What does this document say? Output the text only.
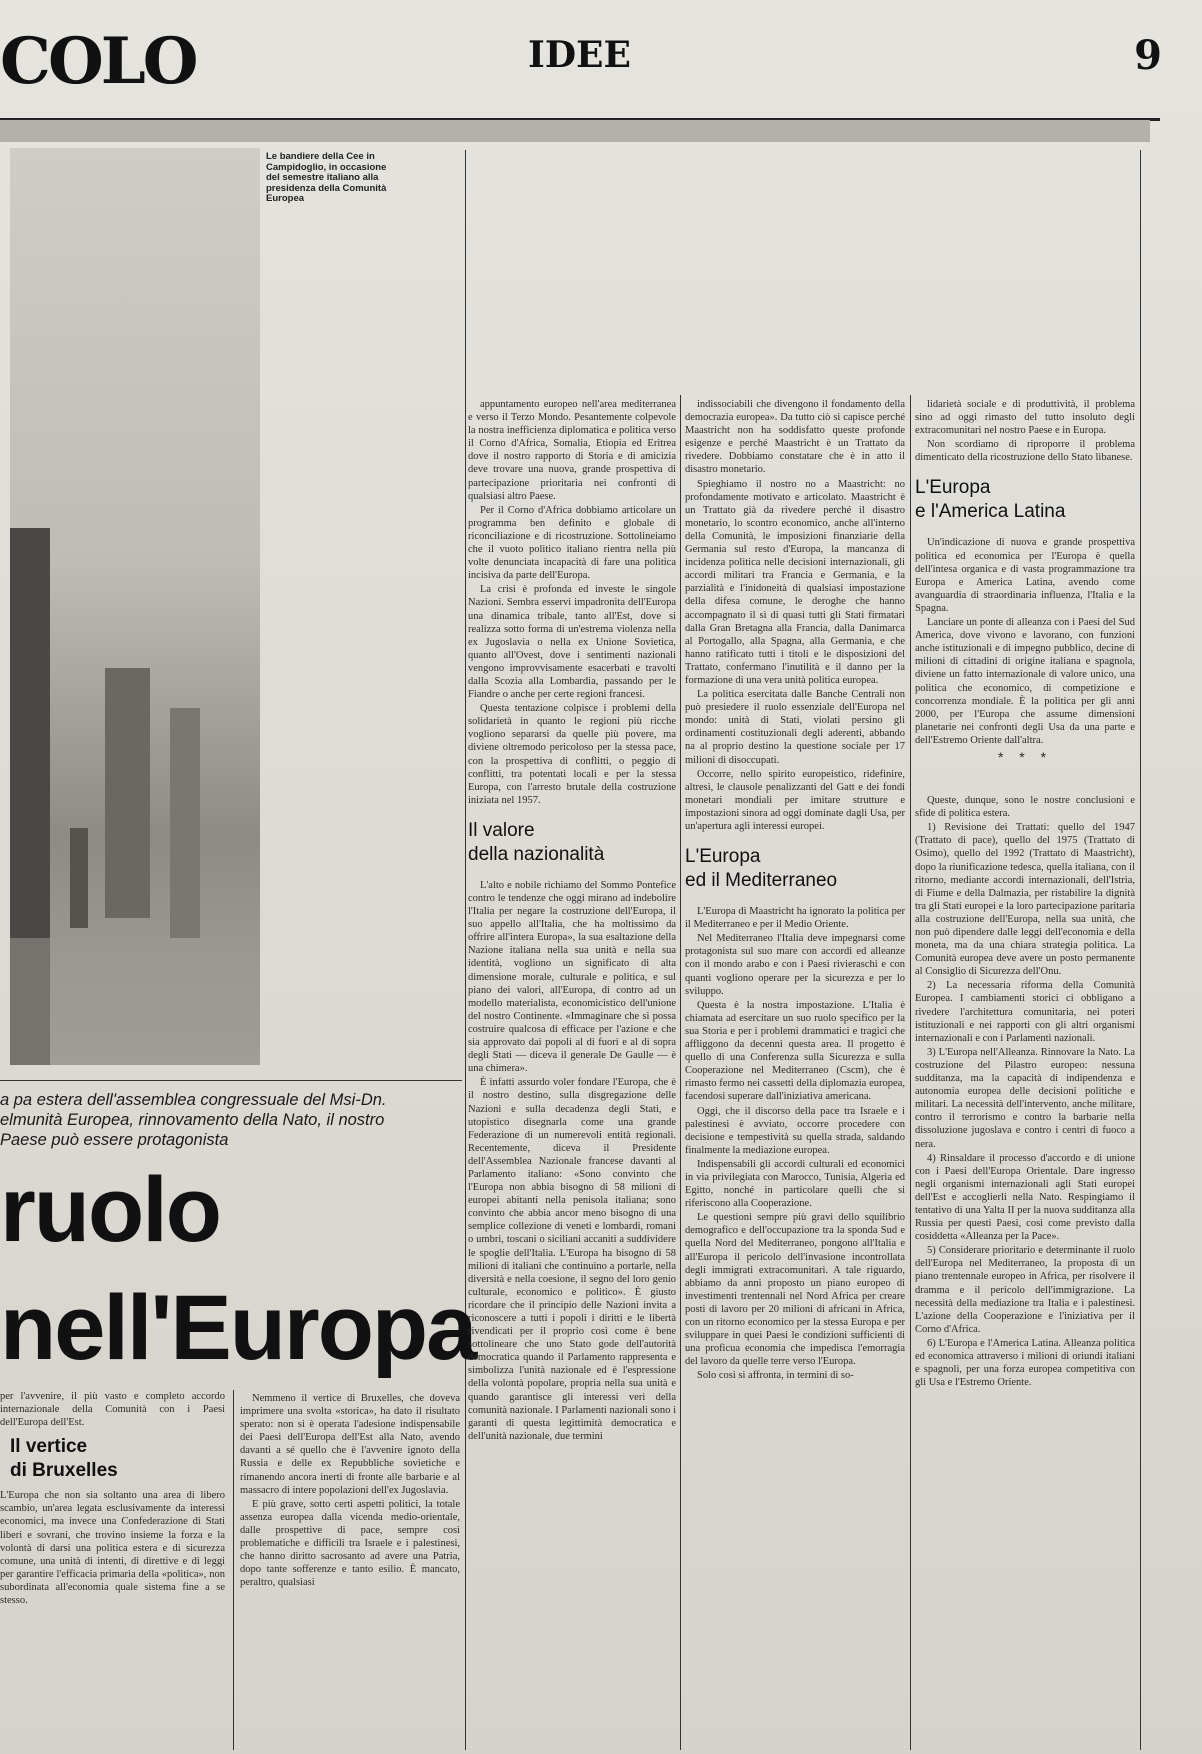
COLO	IDEE	9
Le bandiere della Cee in Campidoglio, in occasione del semestre italiano alla presidenza della Comunità Europea
a pa estera dell'assemblea congressuale del Msi-Dn. elmunità Europea, rinnovamento della Nato, il nostro Paese può essere protagonista
ruolo
nell'Europa

per l'avvenire, il più vasto e completo accordo internazionale della Comunità con i Paesi dell'Europa dell'Est.

Il vertice
di Bruxelles

L'Europa che non sia soltanto una area di libero scambio, un'area legata esclusivamente da interessi economici, ma invece una Confederazione di Stati liberi e sovrani, che trovino insieme la forza e la volontà di darsi una politica estera e di sicurezza comune, una unità di intenti, di direttive e di leggi per garantire l'efficacia primaria della «politica», non subordinata all'economia quale sistema fine a se stesso.

Nemmeno il vertice di Bruxelles, che doveva imprimere una svolta «storica», ha dato il risultato sperato: non si è operata l'adesione indispensabile dei Paesi dell'Europa dell'Est alla Nato, avendo davanti a sé quello che è l'avvenire ignoto della Russia e delle ex Repubbliche sovietiche e rimanendo ancora inerti di fronte alle barbarie e al massacro di intere popolazioni dell'ex Jugoslavia.

E più grave, sotto certi aspetti politici, la totale assenza europea dalla vicenda medio-orientale, dalle prospettive di pace, sempre così problematiche e difficili tra Israele e i palestinesi, che hanno diritto sacrosanto ad avere una Patria, dopo tante sofferenze e tanto esilio. È mancato, peraltro, qualsiasi

appuntamento europeo nell'area mediterranea e verso il Terzo Mondo. Pesantemente colpevole la nostra inefficienza diplomatica e politica verso il Corno d'Africa, Somalia, Etiopia ed Eritrea dove il nostro rapporto di Storia e di amicizia deve trovare una nuova, grande prospettiva di partecipazione prioritaria nei confronti di qualsiasi altro Paese.

Per il Corno d'Africa dobbiamo articolare un programma ben definito e globale di riconciliazione e di ricostruzione. Sottolineiamo che il vuoto politico italiano rientra nella più volte denunciata incapacità di fare una politica incisiva da parte dell'Europa.

La crisi è profonda ed investe le singole Nazioni. Sembra esservi impadronita dell'Europa una dinamica tribale, tanto all'Est, dove si realizza sotto forma di un'estrema violenza nella ex Jugoslavia o nella ex Unione Sovietica, quanto all'Ovest, dove i sentimenti nazionali vengono improvvisamente esacerbati e travolti dalla Scozia alla Lombardia, passando per le Fiandre o anche per certe regioni francesi.

Questa tentazione colpisce i problemi della solidarietà in quanto le regioni più ricche vogliono separarsi da quelle più povere, ma diviene oltremodo pericoloso per la stessa pace, con la prospettiva di conflitti, o peggio di conflitti, tra potentati locali e per la stessa Europa, con l'arresto brutale della costruzione iniziata nel 1957.

Il valore
della nazionalità

L'alto e nobile richiamo del Sommo Pontefice contro le tendenze che oggi mirano ad indebolire l'Italia per negare la costruzione dell'Europa, il suo appello all'Italia, che ha moltissimo da offrire all'intera Europa», la sua esaltazione della Nazione italiana nella sua unità e nella sua identità, vogliono un significato di alta dimensione morale, culturale e politica, e sul piano dei valori, all'Europa, di contro ad un modello materialista, economicistico dell'unione del nostro Continente. «Immaginare che si possa costruire qualcosa di efficace per l'azione e che sia approvato dai popoli al di fuori e al di sopra degli Stati — diceva il generale De Gaulle — è una chimera».

È infatti assurdo voler fondare l'Europa, che è il nostro destino, sulla disgregazione delle Nazioni e sulla decadenza degli Stati, e utopistico disegnarla come una grande Federazione di un numerevoli entità regionali. Recentemente, diceva il Presidente dell'Assemblea Nazionale francese davanti al Parlamento italiano: «Sono convinto che l'Europa non abbia bisogno di 58 milioni di europei abitanti nella penisola italiana; sono convinto che abbia ancor meno bisogno di una semplice collezione di veneti e lombardi, romani o umbri, toscani o siciliani accaniti a suddividere le spoglie dell'Italia. L'Europa ha bisogno di 58 milioni di italiani che continuino a portarle, nella diversità e nella coesione, il segno del loro genio culturale, economico e politico». È giusto ricordare che il principio delle Nazioni invita a riconoscere a tutti i popoli i diritti e le libertà rivendicati per il proprio così come è bene sottolineare che uno Stato gode dell'autorità democratica quando il Parlamento rappresenta e simbolizza l'unità nazionale ed è l'espressione della volontà popolare, propria nella sua unità e quando garantisce gli interessi veri della comunità nazionale. I Parlamenti nazionali sono i garanti di questa legittimità democratica e dell'unità nazionale, due termini

indissociabili che divengono il fondamento della democrazia europea». Da tutto ciò si capisce perché Maastricht non ha soddisfatto queste profonde esigenze e perché Maastricht è un Trattato da rivedere. Dobbiamo constatare che è in atto il disastro monetario.

Spieghiamo il nostro no a Maastricht: no profondamente motivato e articolato. Maastricht è un Trattato già da rivedere perché il disastro monetario, lo scontro economico, anche all'interno della Comunità, le imposizioni finanziarie della Germania sul resto d'Europa, la mancanza di incidenza politica nelle decisioni internazionali, gli accordi militari tra Francia e Germania, e la parzialità e l'inidoneità di qualsiasi impostazione della difesa comune, le deroghe che hanno accompagnato il sì di quasi tutti gli Stati firmatari dalla Gran Bretagna alla Francia, dalla Danimarca al Portogallo, alla Spagna, alla Germania, e che hanno ratificato tutti i titoli e le disposizioni del Trattato, confermano l'inutilità e il danno per la formazione di una vera unità politica europea.

La politica esercitata dalle Banche Centrali non può presiedere il ruolo essenziale dell'Europa nel mondo: unità di Stati, violati persino gli ordinamenti costituzionali degli aderenti, abbando na al proprio destino la questione sociale per 17 milioni di disoccupati.

Occorre, nello spirito europeistico, ridefinire, altresì, le clausole penalizzanti del Gatt e dei fondi monetari mondiali per imitare strutture e impostazioni sinora ad oggi dominate dagli Usa, per un'apertura agli interessi europei.

L'Europa
ed il Mediterraneo

L'Europa di Maastricht ha ignorato la politica per il Mediterraneo e per il Medio Oriente.

Nel Mediterraneo l'Italia deve impegnarsi come protagonista sul suo mare con accordi ed alleanze con il mondo arabo e con i Paesi rivieraschi e con quanti vogliono operare per la sicurezza e per lo sviluppo.

Questa è la nostra impostazione. L'Italia è chiamata ad esercitare un suo ruolo specifico per la sua Storia e per i problemi drammatici e tragici che affliggono da decenni questa area. Il progetto è quello di una Conferenza sulla Sicurezza e sulla Cooperazione nel Mediterraneo (Cscm), che è rimasto fermo nei cassetti della diplomazia europea, facendosi superare dall'iniziativa americana.

Oggi, che il discorso della pace tra Israele e i palestinesi è avviato, occorre procedere con decisione e tempestività su quella strada, saldando finalmente la mediazione europea.

Indispensabili gli accordi culturali ed economici in via privilegiata con Marocco, Tunisia, Algeria ed Egitto, nonché in particolare quelli che si riferiscono alla Cooperazione.

Le questioni sempre più gravi dello squilibrio demografico e dell'occupazione tra la sponda Sud e quella Nord del Mediterraneo, pongono all'Italia e all'Europa il pericolo dell'invasione incontrollata degli immigrati extracomunitari. A tale riguardo, abbiamo da anni proposto un piano europeo di investimenti trentennali nel Nord Africa per creare posti di lavoro per 20 milioni di africani in Africa, con un ritorno economico per la stessa Europa e per sviluppare in quei Paesi le condizioni sufficienti di una proficua economia che impedisca l'emorragia del lavoro da quelle terre verso l'Europa.

Solo così si affronta, in termini di so-

lidarietà sociale e di produttività, il problema sino ad oggi rimasto del tutto insoluto degli extracomunitari nel nostro Paese e in Europa.

Non scordiamo di riproporre il problema dimenticato della ricostruzione dello Stato libanese.

L'Europa
e l'America Latina

Un'indicazione di nuova e grande prospettiva politica ed economica per l'Europa è quella dell'intesa organica e di vasta programmazione tra Europa e America Latina, avendo come avanguardia di straordinaria influenza, l'Italia e la Spagna.

Lanciare un ponte di alleanza con i Paesi del Sud America, dove vivono e lavorano, con funzioni anche istituzionali e di impegno pubblico, decine di milioni di cittadini di origine italiana e spagnola, diviene un fatto internazionale di valore unico, una politica che economico, di competizione e concorrenza mondiale. È la politica per gli anni 2000, per l'Europa che assume dimensioni planetarie nei confronti degli Usa da una parte e dell'Estremo Oriente dall'altra.

* * *

Queste, dunque, sono le nostre conclusioni e sfide di politica estera.

1) Revisione dei Trattati: quello del 1947 (Trattato di pace), quello del 1975 (Trattato di Osimo), quello del 1992 (Trattato di Maastricht), dopo la riunificazione tedesca, quella italiana, con il ritorno, mediante accordi internazionali, dell'Istria, di Fiume e della Dalmazia, per ristabilire la dignità tra gli Stati europei e la loro partecipazione paritaria alla costruzione dell'Europa, nella sua unità, che non può dipendere dalle leggi dell'economia e della moneta, ma da una chiara strategia politica. La Comunità europea deve avere un posto permanente al Consiglio di Sicurezza dell'Onu.

2) La necessaria riforma della Comunità Europea. I cambiamenti storici ci obbligano a rivedere l'architettura comunitaria, nei poteri istituzionali e nei rapporti con gli altri organismi internazionali e con i Parlamenti nazionali.

3) L'Europa nell'Alleanza. Rinnovare la Nato. La costruzione del Pilastro europeo: nessuna sudditanza, ma la capacità di indipendenza e autonomia europea delle decisioni politiche e militari. La necessità dell'intervento, anche militare, contro il terrorismo e contro la barbarie nella dissoluzione jugoslava e contro i centri di fuoco a nera.

4) Rinsaldare il processo d'accordo e di unione con i Paesi dell'Europa Orientale. Dare ingresso negli organismi internazionali agli Stati europei dell'Est e accoglierli nella Nato. Respingiamo il tentativo di una Yalta II per la nuova sudditanza alla Russia per questi Paesi, così come previsto dalla cosiddetta «Alleanza per la Pace».

5) Considerare prioritario e determinante il ruolo dell'Europa nel Mediterraneo, la proposta di un piano trentennale europeo in Africa, per risolvere il dramma e il pericolo dell'immigrazione. La necessità della mediazione tra Italia e i palestinesi. L'azione della Cooperazione e l'iniziativa per il Corno d'Africa.

6) L'Europa e l'America Latina. Alleanza politica ed economica attraverso i milioni di oriundi italiani e spagnoli, per una forza europea competitiva con gli Usa e l'Estremo Oriente.
